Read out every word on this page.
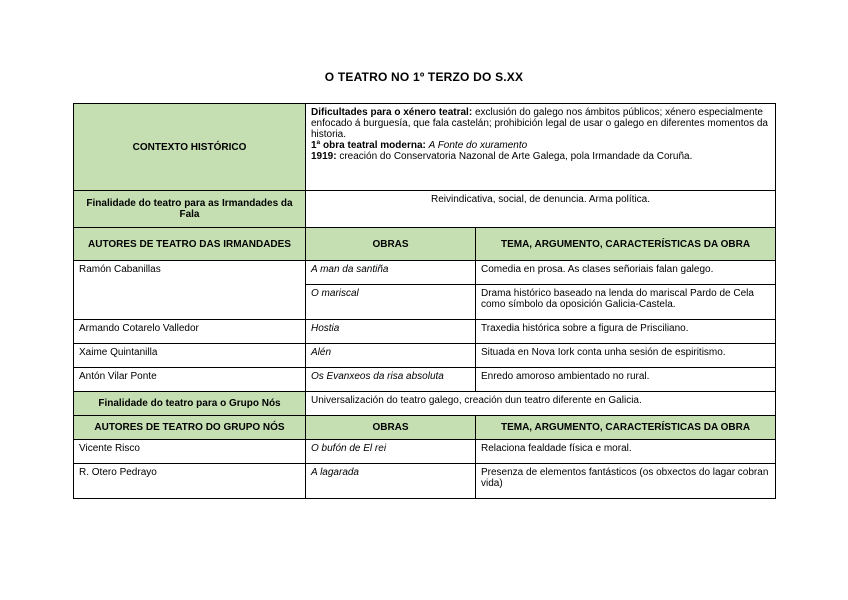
O TEATRO NO 1º TERZO DO S.XX
CONTEXTO HISTÓRICO	Dificultades para o xénero teatral: exclusión do galego nos ámbitos públicos; xénero especialmente enfocado á burguesía, que fala castelán; prohibición legal de usar o galego en diferentes momentos da historia.
1ª obra teatral moderna: A Fonte do xuramento
1919: creación do Conservatoria Nazonal de Arte Galega, pola Irmandade da Coruña.	
Finalidade do teatro para as Irmandades da Fala	Reivindicativa, social, de denuncia. Arma política.	
AUTORES DE TEATRO DAS IRMANDADES	OBRAS	TEMA, ARGUMENTO, CARACTERÍSTICAS DA OBRA
Ramón Cabanillas	A man da santiña	Comedia en prosa. As clases señoriais falan galego.
	O mariscal	Drama histórico baseado na lenda do mariscal Pardo de Cela como símbolo da oposición Galicia-Castela.
Armando Cotarelo Valledor	Hostia	Traxedia histórica sobre a figura de Prisciliano.
Xaime Quintanilla	Alén	Situada en Nova Iork conta unha sesión de espiritismo.
Antón Vilar Ponte	Os Evanxeos da risa absoluta	Enredo amoroso ambientado no rural.
Finalidade do teatro para o Grupo Nós	Universalización do teatro galego, creación dun teatro diferente en Galicia.	
AUTORES DE TEATRO DO GRUPO NÓS	OBRAS	TEMA, ARGUMENTO, CARACTERÍSTICAS DA OBRA
Vicente Risco	O bufón de El rei	Relaciona fealdade física e moral.
R. Otero Pedrayo	A lagarada	Presenza de elementos fantásticos (os obxectos do lagar cobran vida)
